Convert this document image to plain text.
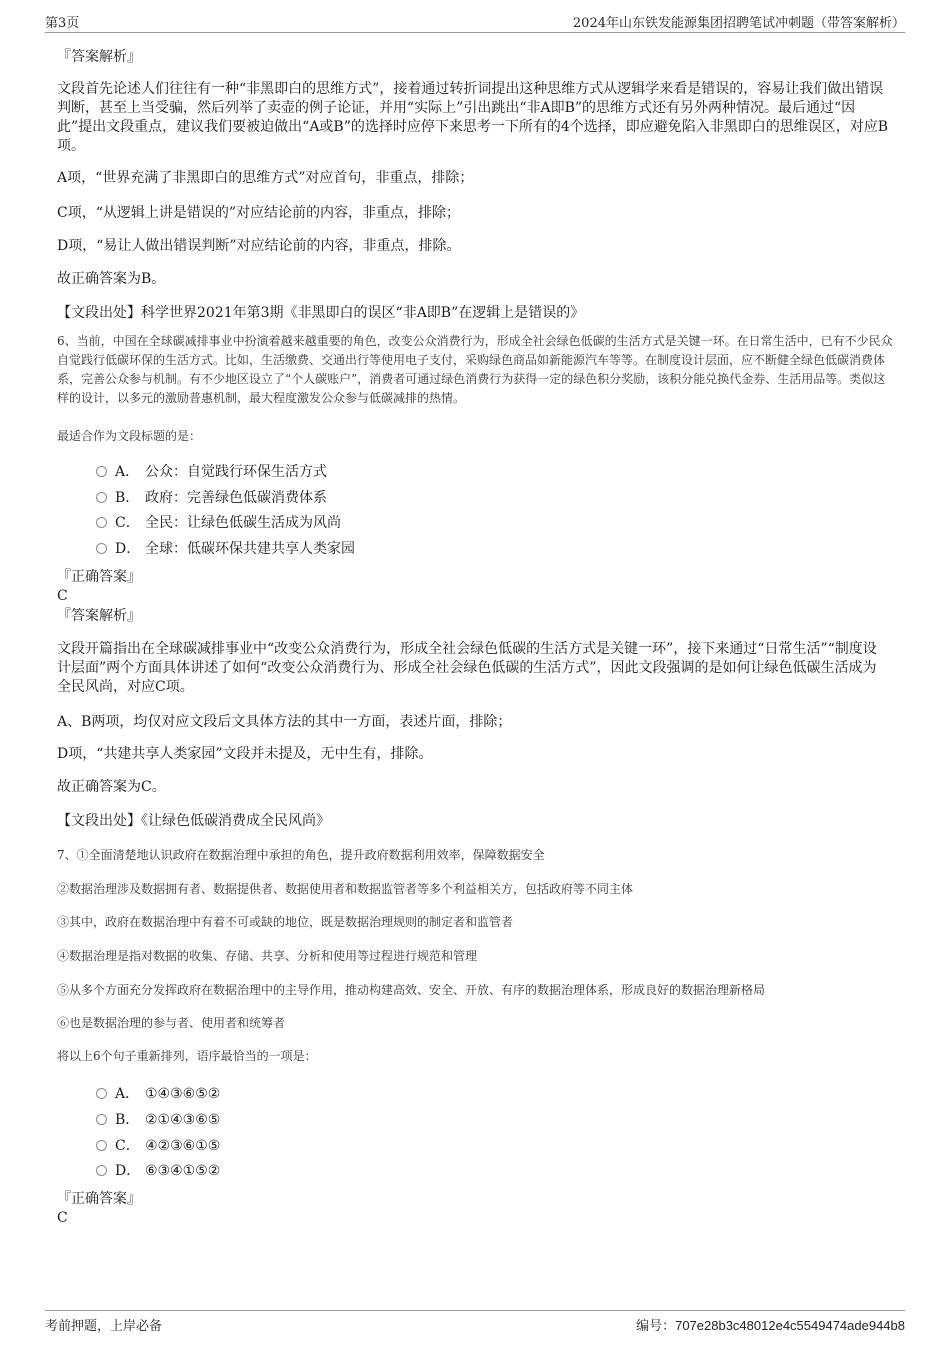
第3页	2024年山东铁发能源集团招聘笔试冲刺题（带答案解析）
『答案解析』
文段首先论述人们往往有一种“非黑即白的思维方式”，接着通过转折词提出这种思维方式从逻辑学来看是错误的，容易让我们做出错误判断，甚至上当受骗，然后列举了卖壶的例子论证，并用“实际上”引出跳出“非A即B”的思维方式还有另外两种情况。最后通过“因此”提出文段重点，建议我们要被迫做出“A或B”的选择时应停下来思考一下所有的4个选择，即应避免陷入非黑即白的思维误区，对应B项。
A项，“世界充满了非黑即白的思维方式”对应首句，非重点，排除；
C项，“从逻辑上讲是错误的”对应结论前的内容，非重点，排除；
D项，“易让人做出错误判断”对应结论前的内容，非重点，排除。
故正确答案为B。
【文段出处】科学世界2021年第3期《非黑即白的误区“非A即B”在逻辑上是错误的》
6、当前，中国在全球碳减排事业中扮演着越来越重要的角色，改变公众消费行为，形成全社会绿色低碳的生活方式是关键一环。在日常生活中，已有不少民众自觉践行低碳环保的生活方式。比如，生活缴费、交通出行等使用电子支付，采购绿色商品如新能源汽车等等。在制度设计层面，应不断健全绿色低碳消费体系，完善公众参与机制。有不少地区设立了“个人碳账户”，消费者可通过绿色消费行为获得一定的绿色积分奖励，该积分能兑换代金券、生活用品等。类似这样的设计，以多元的激励普惠机制，最大程度激发公众参与低碳减排的热情。
最适合作为文段标题的是：
A． 公众：自觉践行环保生活方式
B． 政府：完善绿色低碳消费体系
C． 全民：让绿色低碳生活成为风尚
D． 全球：低碳环保共建共享人类家园
『正确答案』
C
『答案解析』
文段开篇指出在全球碳减排事业中“改变公众消费行为，形成全社会绿色低碳的生活方式是关键一环”，接下来通过“日常生活”“制度设计层面”两个方面具体讲述了如何“改变公众消费行为、形成全社会绿色低碳的生活方式”，因此文段强调的是如何让绿色低碳生活成为全民风尚，对应C项。
A、B两项，均仅对应文段后文具体方法的其中一方面，表述片面，排除；
D项，“共建共享人类家园”文段并未提及，无中生有，排除。
故正确答案为C。
【文段出处】《让绿色低碳消费成全民风尚》
7、①全面清楚地认识政府在数据治理中承担的角色，提升政府数据利用效率，保障数据安全
②数据治理涉及数据拥有者、数据提供者、数据使用者和数据监管者等多个利益相关方，包括政府等不同主体
③其中，政府在数据治理中有着不可或缺的地位，既是数据治理规则的制定者和监管者
④数据治理是指对数据的收集、存储、共享、分析和使用等过程进行规范和管理
⑤从多个方面充分发挥政府在数据治理中的主导作用，推动构建高效、安全、开放、有序的数据治理体系，形成良好的数据治理新格局
⑥也是数据治理的参与者、使用者和统筹者
将以上6个句子重新排列，语序最恰当的一项是：
A． ①④③⑥⑤②
B． ②①④③⑥⑤
C． ④②③⑥①⑤
D． ⑥③④①⑤②
『正确答案』
C
考前押题，上岸必备	编号：707e28b3c48012e4c5549474ade944b8
